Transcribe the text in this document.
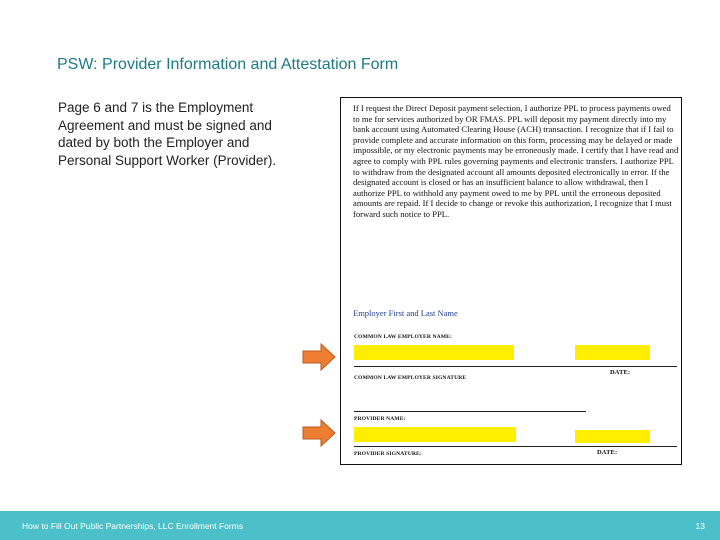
PSW: Provider Information and Attestation Form
Page 6 and 7 is the Employment Agreement and must be signed and dated by both the Employer and Personal Support Worker (Provider).
If I request the Direct Deposit payment selection, I authorize PPL to process payments owed to me for services authorized by OR FMAS. PPL will deposit my payment directly into my bank account using Automated Clearing House (ACH) transaction. I recognize that if I fail to provide complete and accurate information on this form, processing may be delayed or made impossible, or my electronic payments may be erroneously made. I certify that I have read and agree to comply with PPL rules governing payments and electronic transfers. I authorize PPL to withdraw from the designated account all amounts deposited electronically in error. If the designated account is closed or has an insufficient balance to allow withdrawal, then I authorize PPL to withhold any payment owed to me by PPL until the erroneous deposited amounts are repaid. If I decide to change or revoke this authorization, I recognize that I must forward such notice to PPL.
Employer First and Last Name
COMMON LAW EMPLOYER NAME:
DATE:
COMMON LAW EMPLOYER SIGNATURE
PROVIDER NAME:
PROVIDER SIGNATURE:	DATE:
How to Fill Out Public Partnerships, LLC Enrollment Forms	13
